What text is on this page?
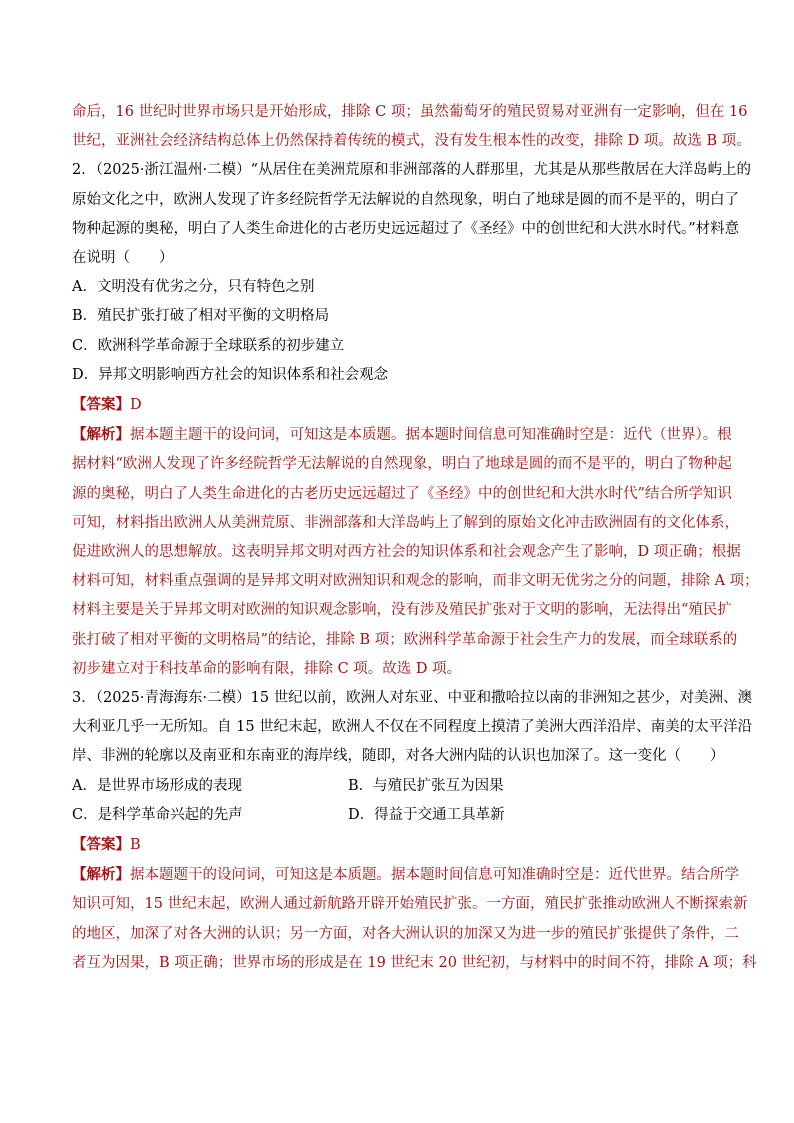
命后，16 世纪时世界市场只是开始形成，排除 C 项；虽然葡萄牙的殖民贸易对亚洲有一定影响，但在 16

世纪，亚洲社会经济结构总体上仍然保持着传统的模式，没有发生根本性的改变，排除 D 项。故选 B 项。

2．（2025·浙江温州·二模）“从居住在美洲荒原和非洲部落的人群那里，尤其是从那些散居在大洋岛屿上的

原始文化之中，欧洲人发现了许多经院哲学无法解说的自然现象，明白了地球是圆的而不是平的，明白了

物种起源的奥秘，明白了人类生命进化的古老历史远远超过了《圣经》中的创世纪和大洪水时代。”材料意

在说明（　　）

A．文明没有优劣之分，只有特色之别

B．殖民扩张打破了相对平衡的文明格局

C．欧洲科学革命源于全球联系的初步建立

D．异邦文明影响西方社会的知识体系和社会观念

【答案】D

【解析】据本题主题干的设问词，可知这是本质题。据本题时间信息可知准确时空是：近代（世界）。根

据材料“欧洲人发现了许多经院哲学无法解说的自然现象，明白了地球是圆的而不是平的，明白了物种起

源的奥秘，明白了人类生命进化的古老历史远远超过了《圣经》中的创世纪和大洪水时代”结合所学知识

可知，材料指出欧洲人从美洲荒原、非洲部落和大洋岛屿上了解到的原始文化冲击欧洲固有的文化体系，

促进欧洲人的思想解放。这表明异邦文明对西方社会的知识体系和社会观念产生了影响，D 项正确；根据

材料可知，材料重点强调的是异邦文明对欧洲知识和观念的影响，而非文明无优劣之分的问题，排除 A 项；

材料主要是关于异邦文明对欧洲的知识观念影响，没有涉及殖民扩张对于文明的影响，无法得出“殖民扩

张打破了相对平衡的文明格局”的结论，排除 B 项；欧洲科学革命源于社会生产力的发展，而全球联系的

初步建立对于科技革命的影响有限，排除 C 项。故选 D 项。

3．（2025·青海海东·二模）15 世纪以前，欧洲人对东亚、中亚和撒哈拉以南的非洲知之甚少，对美洲、澳

大利亚几乎一无所知。自 15 世纪末起，欧洲人不仅在不同程度上摸清了美洲大西洋沿岸、南美的太平洋沿

岸、非洲的轮廓以及南亚和东南亚的海岸线，随即，对各大洲内陆的认识也加深了。这一变化（　　）

A．是世界市场形成的表现	B．与殖民扩张互为因果
C．是科学革命兴起的先声	D．得益于交通工具革新

【答案】B

【解析】据本题题干的设问词，可知这是本质题。据本题时间信息可知准确时空是：近代世界。结合所学

知识可知，15 世纪末起，欧洲人通过新航路开辟开始殖民扩张。一方面，殖民扩张推动欧洲人不断探索新

的地区，加深了对各大洲的认识；另一方面，对各大洲认识的加深又为进一步的殖民扩张提供了条件，二

者互为因果，B 项正确；世界市场的形成是在 19 世纪末 20 世纪初，与材料中的时间不符，排除 A 项；科
